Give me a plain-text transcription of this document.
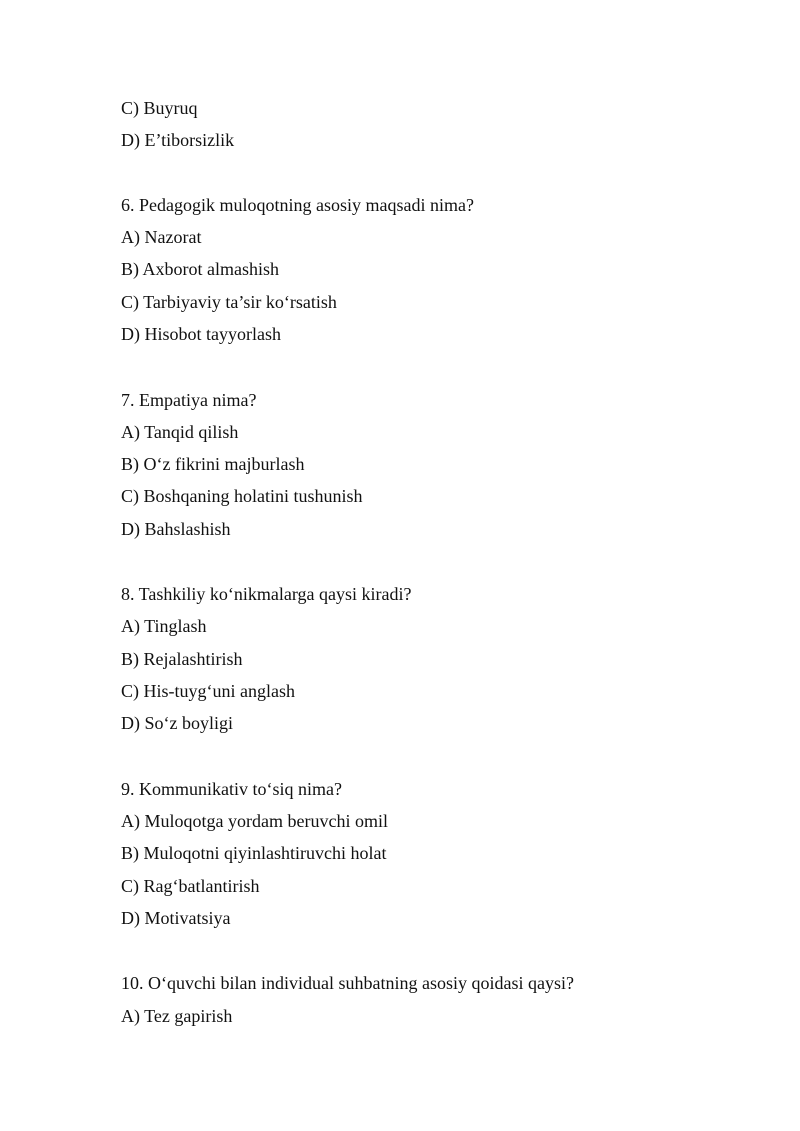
C) Buyruq
D) E’tiborsizlik
6. Pedagogik muloqotning asosiy maqsadi nima?
A) Nazorat
B) Axborot almashish
C) Tarbiyaviy ta’sir ko‘rsatish
D) Hisobot tayyorlash
7. Empatiya nima?
A) Tanqid qilish
B) O‘z fikrini majburlash
C) Boshqaning holatini tushunish
D) Bahslashish
8. Tashkiliy ko‘nikmalarga qaysi kiradi?
A) Tinglash
B) Rejalashtirish
C) His-tuyg‘uni anglash
D) So‘z boyligi
9. Kommunikativ to‘siq nima?
A) Muloqotga yordam beruvchi omil
B) Muloqotni qiyinlashtiruvchi holat
C) Rag‘batlantirish
D) Motivatsiya
10. O‘quvchi bilan individual suhbatning asosiy qoidasi qaysi?
A) Tez gapirish
